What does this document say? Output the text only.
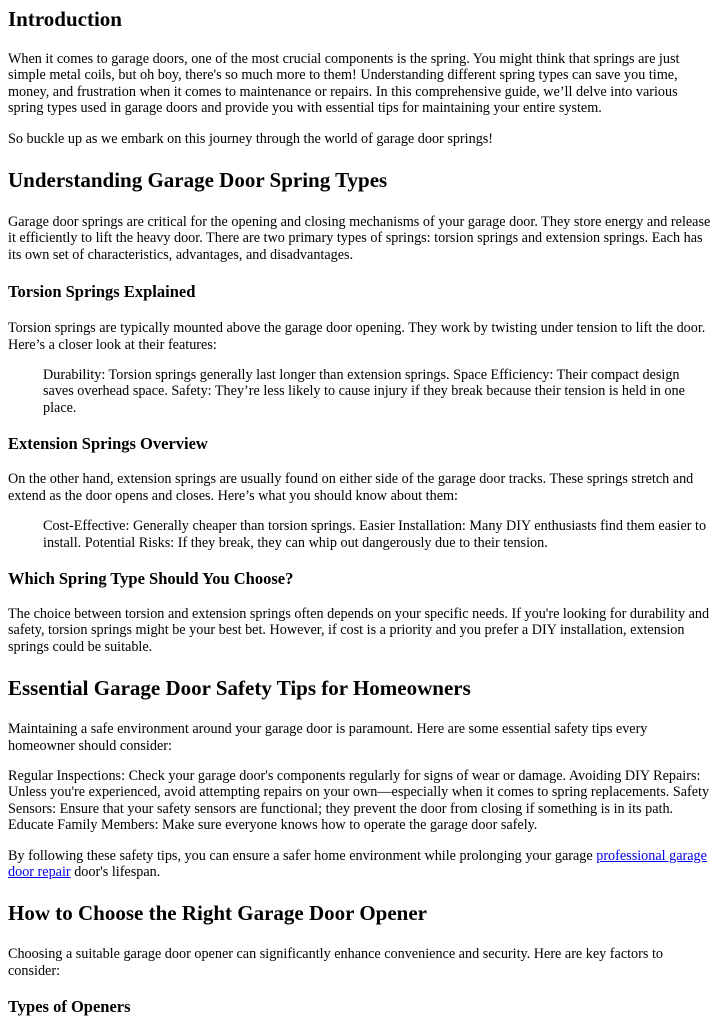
Introduction

When it comes to garage doors, one of the most crucial components is the spring. You might think that springs are just simple metal coils, but oh boy, there's so much more to them! Understanding different spring types can save you time, money, and frustration when it comes to maintenance or repairs. In this comprehensive guide, we’ll delve into various spring types used in garage doors and provide you with essential tips for maintaining your entire system.

So buckle up as we embark on this journey through the world of garage door springs!

Understanding Garage Door Spring Types

Garage door springs are critical for the opening and closing mechanisms of your garage door. They store energy and release it efficiently to lift the heavy door. There are two primary types of springs: torsion springs and extension springs. Each has its own set of characteristics, advantages, and disadvantages.

Torsion Springs Explained

Torsion springs are typically mounted above the garage door opening. They work by twisting under tension to lift the door. Here’s a closer look at their features:

Durability: Torsion springs generally last longer than extension springs. Space Efficiency: Their compact design saves overhead space. Safety: They’re less likely to cause injury if they break because their tension is held in one place.

Extension Springs Overview

On the other hand, extension springs are usually found on either side of the garage door tracks. These springs stretch and extend as the door opens and closes. Here’s what you should know about them:

Cost-Effective: Generally cheaper than torsion springs. Easier Installation: Many DIY enthusiasts find them easier to install. Potential Risks: If they break, they can whip out dangerously due to their tension.

Which Spring Type Should You Choose?

The choice between torsion and extension springs often depends on your specific needs. If you're looking for durability and safety, torsion springs might be your best bet. However, if cost is a priority and you prefer a DIY installation, extension springs could be suitable.

Essential Garage Door Safety Tips for Homeowners

Maintaining a safe environment around your garage door is paramount. Here are some essential safety tips every homeowner should consider:

Regular Inspections: Check your garage door's components regularly for signs of wear or damage. Avoiding DIY Repairs: Unless you're experienced, avoid attempting repairs on your own—especially when it comes to spring replacements. Safety Sensors: Ensure that your safety sensors are functional; they prevent the door from closing if something is in its path. Educate Family Members: Make sure everyone knows how to operate the garage door safely.

By following these safety tips, you can ensure a safer home environment while prolonging your garage professional garage door repair door's lifespan.

How to Choose the Right Garage Door Opener

Choosing a suitable garage door opener can significantly enhance convenience and security. Here are key factors to consider:

Types of Openers
